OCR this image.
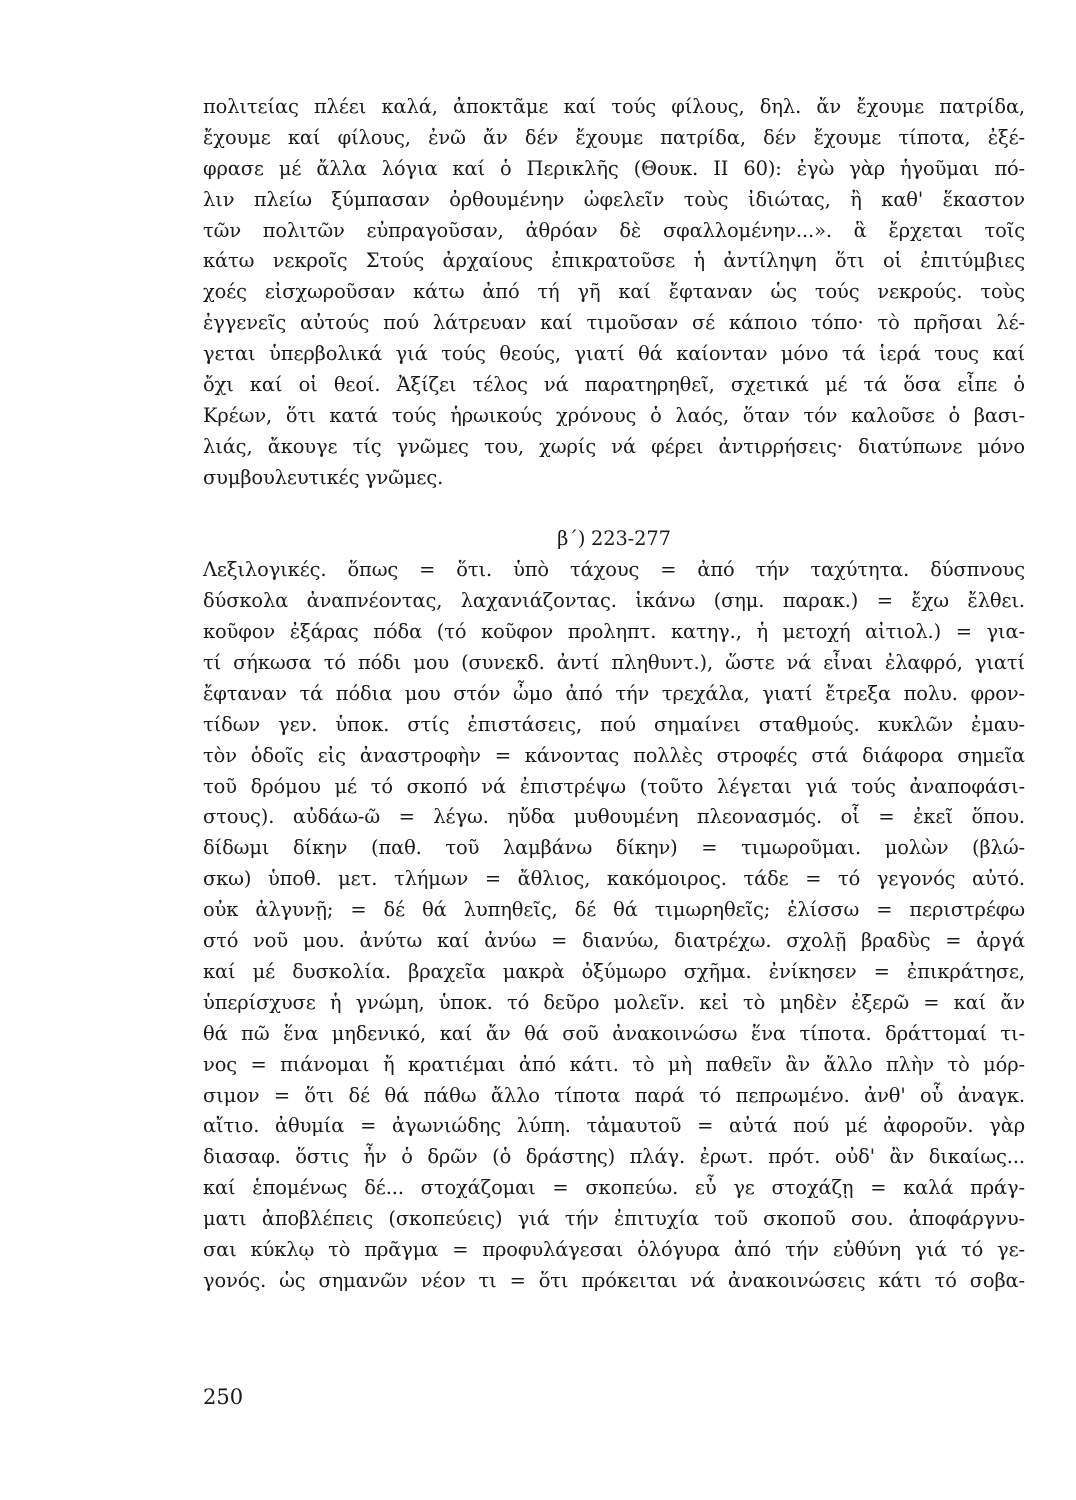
πολιτείας πλέει καλά, ἀποκτᾶμε καί τούς φίλους, δηλ. ἄν ἔχουμε πατρίδα,
ἔχουμε καί φίλους, ἐνῶ ἄν δέν ἔχουμε πατρίδα, δέν ἔχουμε τίποτα, ἐξέ-
φρασε μέ ἄλλα λόγια καί ὁ Περικλῆς (Θουκ. II 60): ἐγὼ γὰρ ἡγοῦμαι πό-
λιν πλείω ξύμπασαν ὀρθουμένην ὠφελεῖν τοὺς ἰδιώτας, ἢ καθ' ἕκαστον
τῶν πολιτῶν εὐπραγοῦσαν, ἀθρόαν δὲ σφαλλομένην...». ἃ ἔρχεται τοῖς
κάτω νεκροῖς Στούς ἀρχαίους ἐπικρατοῦσε ἡ ἀντίληψη ὅτι οἱ ἐπιτύμβιες
χοές εἰσχωροῦσαν κάτω ἀπό τή γῆ καί ἔφταναν ὡς τούς νεκρούς. τοὺς
ἐγγενεῖς αὐτούς πού λάτρευαν καί τιμοῦσαν σέ κάποιο τόπο· τὸ πρῆσαι λέ-
γεται ὑπερβολικά γιά τούς θεούς, γιατί θά καίονταν μόνο τά ἱερά τους καί
ὄχι καί οἱ θεοί. Ἀξίζει τέλος νά παρατηρηθεῖ, σχετικά μέ τά ὅσα εἶπε ὁ
Κρέων, ὅτι κατά τούς ἡρωικούς χρόνους ὁ λαός, ὅταν τόν καλοῦσε ὁ βασι-
λιάς, ἄκουγε τίς γνῶμες του, χωρίς νά φέρει ἀντιρρήσεις· διατύπωνε μόνο
συμβουλευτικές γνῶμες.
β΄) 223-277
Λεξιλογικές. ὅπως = ὅτι. ὑπὸ τάχους = ἀπό τήν ταχύτητα. δύσπνους
δύσκολα ἀναπνέοντας, λαχανιάζοντας. ἱκάνω (σημ. παρακ.) = ἔχω ἔλθει.
κοῦφον ἐξάρας πόδα (τό κοῦφον προληπτ. κατηγ., ἡ μετοχή αἰτιολ.) = για-
τί σήκωσα τό πόδι μου (συνεκδ. ἀντί πληθυντ.), ὥστε νά εἶναι ἐλαφρό, γιατί
ἔφταναν τά πόδια μου στόν ὦμο ἀπό τήν τρεχάλα, γιατί ἔτρεξα πολυ. φρον-
τίδων γεν. ὑποκ. στίς ἐπιστάσεις, πού σημαίνει σταθμούς. κυκλῶν ἐμαυ-
τὸν ὁδοῖς εἰς ἀναστροφὴν = κάνοντας πολλὲς στροφές στά διάφορα σημεῖα
τοῦ δρόμου μέ τό σκοπό νά ἐπιστρέψω (τοῦτο λέγεται γιά τούς ἀναποφάσι-
στους). αὐδάω-ῶ = λέγω. ηὔδα μυθουμένη πλεονασμός. οἷ = ἐκεῖ ὅπου.
δίδωμι δίκην (παθ. τοῦ λαμβάνω δίκην) = τιμωροῦμαι. μολὼν (βλώ-
σκω) ὑποθ. μετ. τλήμων = ἄθλιος, κακόμοιρος. τάδε = τό γεγονός αὐτό.
οὐκ ἀλγυνῇ; = δέ θά λυπηθεῖς, δέ θά τιμωρηθεῖς; ἑλίσσω = περιστρέφω
στό νοῦ μου. ἀνύτω καί ἀνύω = διανύω, διατρέχω. σχολῇ βραδὺς = ἀργά
καί μέ δυσκολία. βραχεῖα μακρὰ ὀξύμωρο σχῆμα. ἐνίκησεν = ἐπικράτησε,
ὑπερίσχυσε ἡ γνώμη, ὑποκ. τό δεῦρο μολεῖν. κεἰ τὸ μηδὲν ἐξερῶ = καί ἄν
θά πῶ ἕνα μηδενικό, καί ἄν θά σοῦ ἀνακοινώσω ἕνα τίποτα. δράττομαί τι-
νος = πιάνομαι ἤ κρατιέμαι ἀπό κάτι. τὸ μὴ παθεῖν ἂν ἄλλο πλὴν τὸ μόρ-
σιμον = ὅτι δέ θά πάθω ἄλλο τίποτα παρά τό πεπρωμένο. ἀνθ' οὗ ἀναγκ.
αἴτιο. ἀθυμία = ἀγωνιώδης λύπη. τἀμαυτοῦ = αὐτά πού μέ ἀφοροῦν. γὰρ
διασαφ. ὅστις ἦν ὁ δρῶν (ὁ δράστης) πλάγ. ἐρωτ. πρότ. οὐδ' ἂν δικαίως...
καί ἑπομένως δέ... στοχάζομαι = σκοπεύω. εὖ γε στοχάζῃ = καλά πράγ-
ματι ἀποβλέπεις (σκοπεύεις) γιά τήν ἐπιτυχία τοῦ σκοποῦ σου. ἀποφάργνυ-
σαι κύκλῳ τὸ πρᾶγμα = προφυλάγεσαι ὁλόγυρα ἀπό τήν εὐθύνη γιά τό γε-
γονός. ὡς σημανῶν νέον τι = ὅτι πρόκειται νά ἀνακοινώσεις κάτι τό σοβα-
250
